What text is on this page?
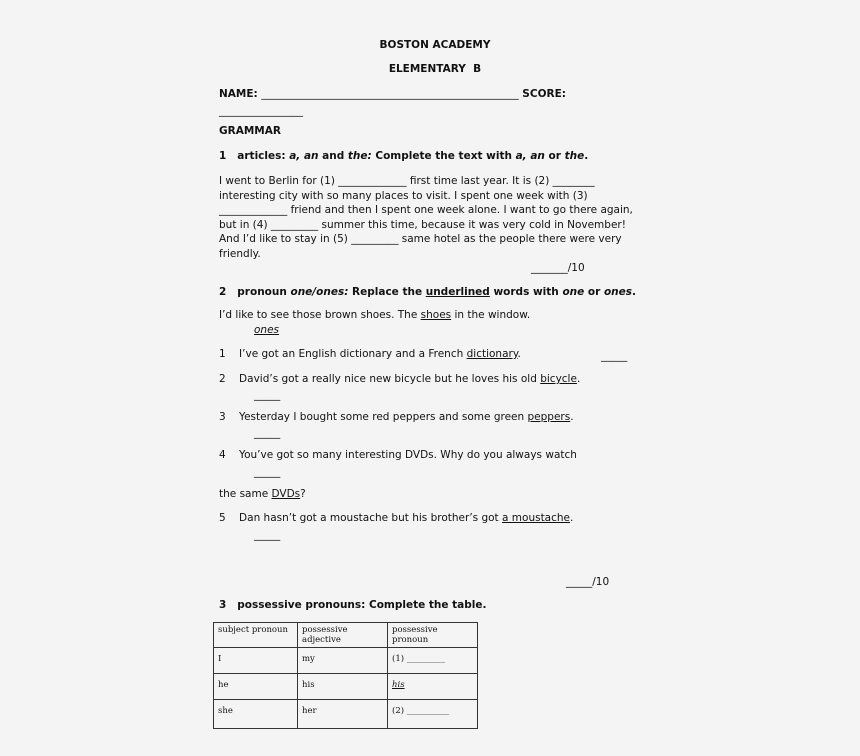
BOSTON ACADEMY
ELEMENTARY  B
NAME: _________________________________________________ SCORE:
________________
GRAMMAR
1 articles: a, an and the: Complete the text with a, an or the.
I went to Berlin for (1) _____________ first time last year. It is (2) ________
interesting city with so many places to visit. I spent one week with (3)
_____________ friend and then I spent one week alone. I want to go there again,
but in (4) _________ summer this time, because it was very cold in November!
And I’d like to stay in (5) _________ same hotel as the people there were very
friendly.
_______/10
2 pronoun one/ones: Replace the underlined words with one or ones.
I’d like to see those brown shoes. The shoes in the window.
ones
1 I’ve got an English dictionary and a French dictionary.	_____
2 David’s got a really nice new bicycle but he loves his old bicycle.
_____
3 Yesterday I bought some red peppers and some green peppers.
_____
4 You’ve got so many interesting DVDs. Why do you always watch
_____
the same DVDs?
5 Dan hasn’t got a moustache but his brother’s got a moustache.
_____
_____/10
3 possessive pronouns: Complete the table.
subject pronoun	possessive adjective	possessive pronoun
I	my	(1) _________
he	his	his
she	her	(2) __________
